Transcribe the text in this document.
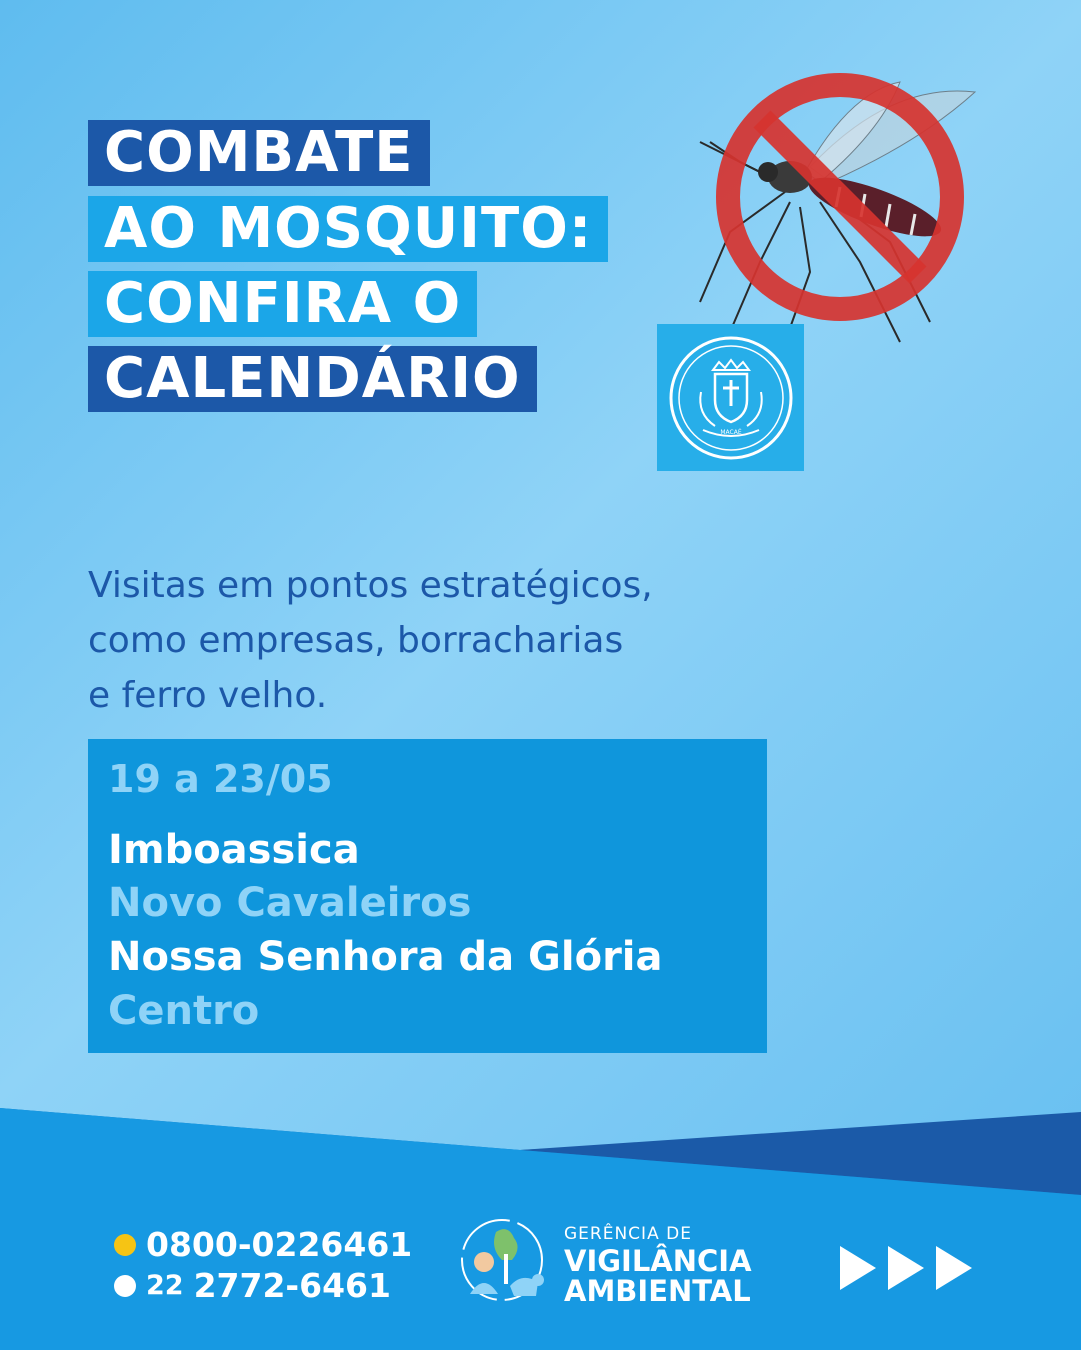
COMBATE
AO MOSQUITO:
CONFIRA O
CALENDÁRIO
MACAÉ
Visitas em pontos estratégicos,
como empresas, borracharias
e ferro velho.
19 a 23/05
Imboassica
Novo Cavaleiros
Nossa Senhora da Glória
Centro
0800-0226461
22 2772-6461
GERÊNCIA DE
VIGILÂNCIA
AMBIENTAL
